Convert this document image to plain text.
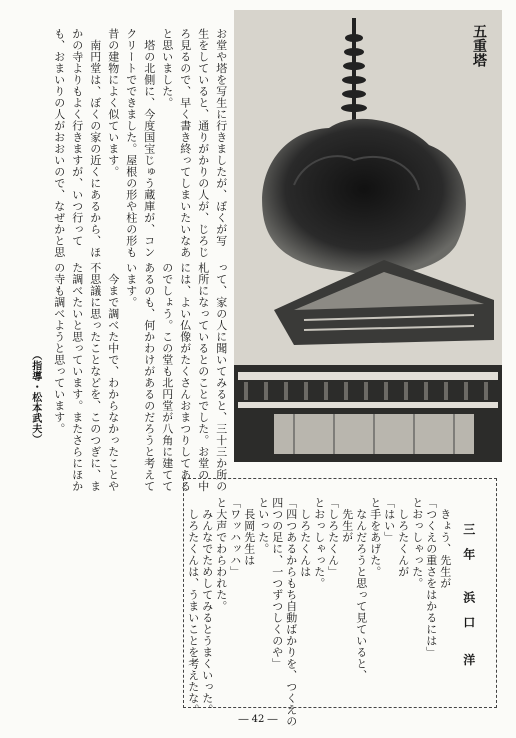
お堂や塔を写生に行きましたが、ぼくが写
生をしていると、通りがかりの人が、じろじ
ろ見るので、早く書き終ってしまいたいなあ
と思いました。
　塔の北側に、今度国宝じゅう蔵庫が、コン
クリートでできました。屋根の形や柱の形も
昔の建物によく似ています。
　南円堂は、ぼくの家の近くにあるから、ほ
かの寺よりもよく行きますが、いつ行って
も、おまいりの人がおおいので、なぜかと思
って、家の人に聞いてみると、三十三か所の
札所になっているとのことでした。お堂の中
には、よい仏像がたくさんおまつりしてある
のでしょう。この堂も北円堂が八角に建てて
あるのも、何かわけがあるのだろうと考えて
います。
　今まで調べた中で、わからなかったことや
不思議に思ったことなどを、このつぎに、ま
た調べたいと思っています。またさらにほか
の寺も調べようと思っています。
（指導・松本武夫）
五重塔
三　年
浜　口　　洋
　きょう、先生が
「つくえの重さをはかるには」
とおっしゃった。
　しろたくんが
「はい」
と手をあげた。
　なんだろうと思って見ていると、
　先生が
「しろたくん」
とおっしゃった。
　しろたくんは
「四つあるからもち自動ばかりを、つくえの
四つの足に、一つずつしくのや」
といった。
　長岡先生は
「ワッハッハ」
と大声でわらわれた。
　みんなでためしてみるとうまくいった。
　しろたくんは、うまいことを考えたな。
― 42 ―
